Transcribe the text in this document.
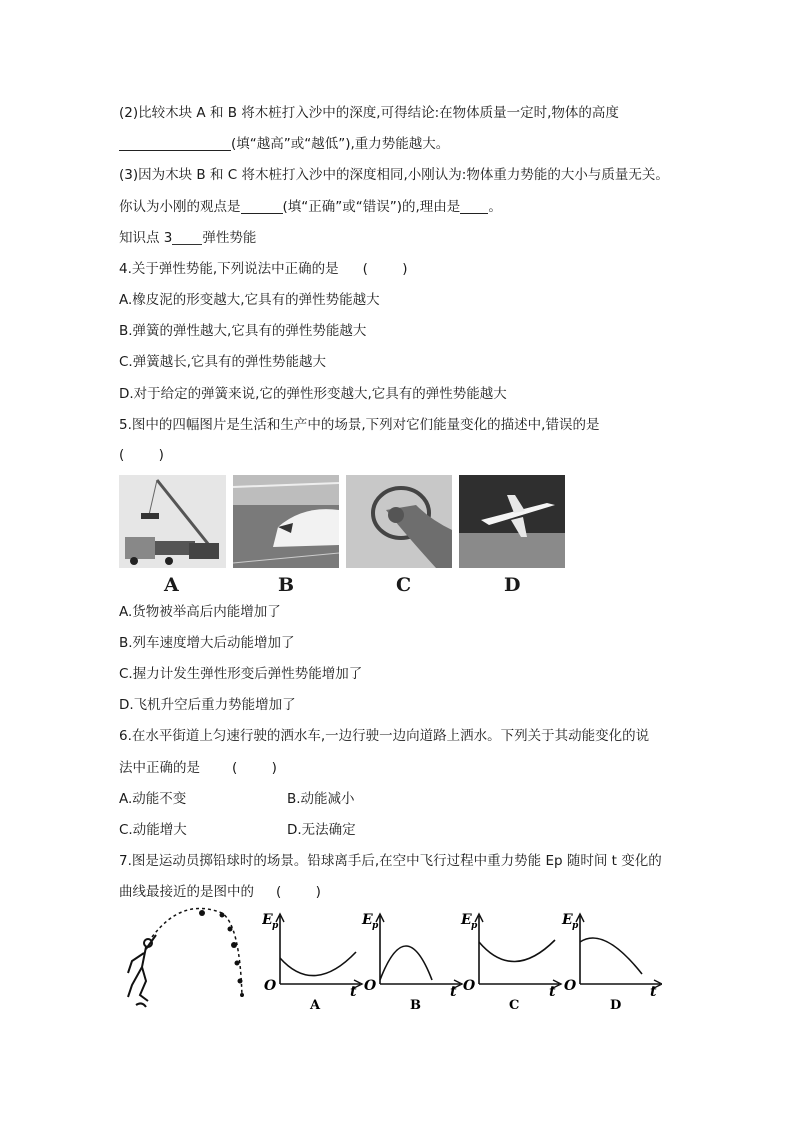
(2)比较木块 A 和 B 将木桩打入沙中的深度,可得结论:在物体质量一定时,物体的高度
(填“越高”或“越低”),重力势能越大。
(3)因为木块 B 和 C 将木桩打入沙中的深度相同,小刚认为:物体重力势能的大小与质量无关。
你认为小刚的观点是	(填“正确”或“错误”)的,理由是 。
知识点 3 弹性势能
4.关于弹性势能,下列说法中正确的是 (        )
A.橡皮泥的形变越大,它具有的弹性势能越大
B.弹簧的弹性越大,它具有的弹性势能越大
C.弹簧越长,它具有的弹性势能越大
D.对于给定的弹簧来说,它的弹性形变越大,它具有的弹性势能越大
5.图中的四幅图片是生活和生产中的场景,下列对它们能量变化的描述中,错误的是
(        )
A	B	C	D
A.货物被举高后内能增加了
B.列车速度增大后动能增加了
C.握力计发生弹性形变后弹性势能增加了
D.飞机升空后重力势能增加了
6.在水平街道上匀速行驶的洒水车,一边行驶一边向道路上洒水。下列关于其动能变化的说
法中正确的是 (        )
A.动能不变	B.动能减小
C.动能增大	D.无法确定
7.图是运动员掷铅球时的场景。铅球离手后,在空中飞行过程中重力势能 Ep 随时间 t 变化的
曲线最接近的是图中的 (        )
E p
O	t
A
E p
O	t
B
E p
O	t
C
E p
O	t
D
